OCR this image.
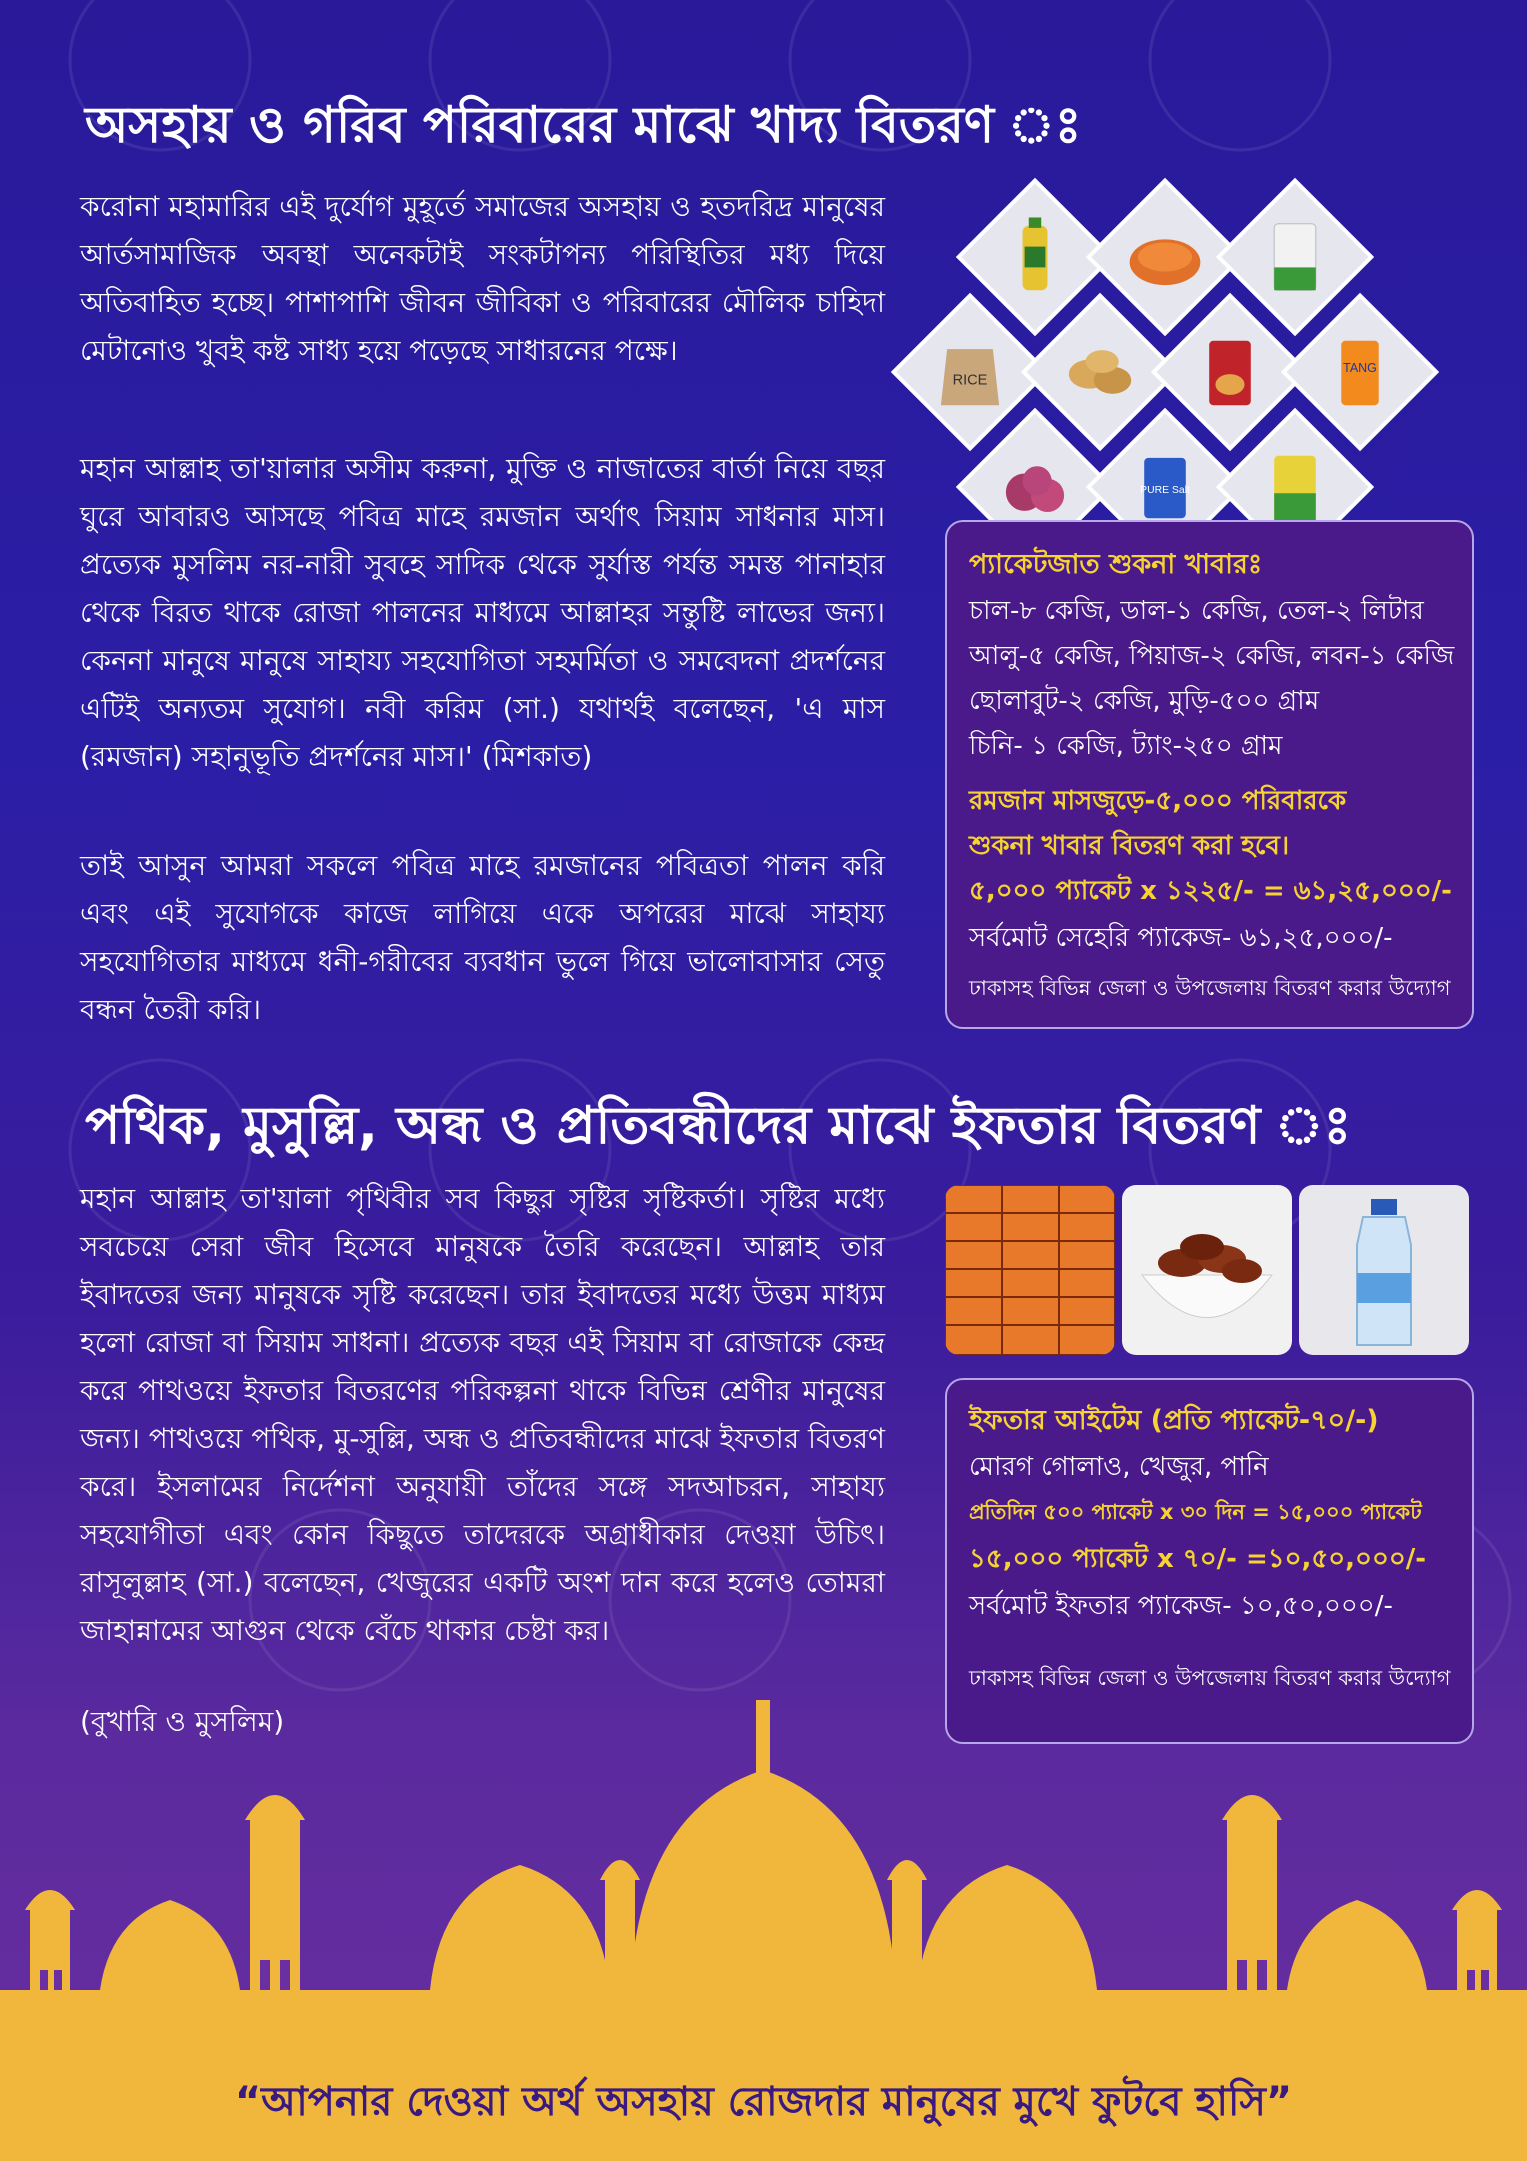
অসহায় ও গরিব পরিবারের মাঝে খাদ্য বিতরণ ঃ

করোনা মহামারির এই দুর্যোগ মুহূর্তে সমাজের অসহায় ও হতদরিদ্র মানুষের আর্তসামাজিক অবস্থা অনেকটাই সংকটাপন্য পরিস্থিতির মধ্য দিয়ে অতিবাহিত হচ্ছে। পাশাপাশি জীবন জীবিকা ও পরিবারের মৌলিক চাহিদা মেটানোও খুবই কষ্ট সাধ্য হয়ে পড়েছে সাধারনের পক্ষে।

মহান আল্লাহ তা'য়ালার অসীম করুনা, মুক্তি ও নাজাতের বার্তা নিয়ে বছর ঘুরে আবারও আসছে পবিত্র মাহে রমজান অর্থাৎ সিয়াম সাধনার মাস। প্রত্যেক মুসলিম নর-নারী সুবহে সাদিক থেকে সুর্যাস্ত পর্যন্ত সমস্ত পানাহার থেকে বিরত থাকে রোজা পালনের মাধ্যমে আল্লাহর সন্তুষ্টি লাভের জন্য। কেননা মানুষে মানুষে সাহায্য সহযোগিতা সহমর্মিতা ও সমবেদনা প্রদর্শনের এটিই অন্যতম সুযোগ। নবী করিম (সা.) যথার্থই বলেছেন, 'এ মাস (রমজান) সহানুভূতি প্রদর্শনের মাস।' (মিশকাত)

তাই আসুন আমরা সকলে পবিত্র মাহে রমজানের পবিত্রতা পালন করি এবং এই সুযোগকে কাজে লাগিয়ে একে অপরের মাঝে সাহায্য সহযোগিতার মাধ্যমে ধনী-গরীবের ব্যবধান ভুলে গিয়ে ভালোবাসার সেতু বন্ধন তৈরী করি।

RICE
TANG
PURE Salt
প্যাকেটজাত শুকনা খাবারঃ
চাল-৮ কেজি, ডাল-১ কেজি, তেল-২ লিটার
আলু-৫ কেজি, পিয়াজ-২ কেজি, লবন-১ কেজি
ছোলাবুট-২ কেজি, মুড়ি-৫০০ গ্রাম
চিনি- ১ কেজি, ট্যাং-২৫০ গ্রাম
রমজান মাসজুড়ে-৫,০০০ পরিবারকে
শুকনা খাবার বিতরণ করা হবে।
৫,০০০ প্যাকেট x ১২২৫/- = ৬১,২৫,০০০/-
সর্বমোট সেহেরি প্যাকেজ- ৬১,২৫,০০০/-
ঢাকাসহ বিভিন্ন জেলা ও উপজেলায় বিতরণ করার উদ্যোগ
পথিক, মুসুল্লি, অন্ধ ও প্রতিবন্ধীদের মাঝে ইফতার বিতরণ ঃ

মহান আল্লাহ তা'য়ালা পৃথিবীর সব কিছুর সৃষ্টির সৃষ্টিকর্তা। সৃষ্টির মধ্যে সবচেয়ে সেরা জীব হিসেবে মানুষকে তৈরি করেছেন। আল্লাহ তার ইবাদতের জন্য মানুষকে সৃষ্টি করেছেন। তার ইবাদতের মধ্যে উত্তম মাধ্যম হলো রোজা বা সিয়াম সাধনা। প্রত্যেক বছর এই সিয়াম বা রোজাকে কেন্দ্র করে পাথওয়ে ইফতার বিতরণের পরিকল্পনা থাকে বিভিন্ন শ্রেণীর মানুষের জন্য। পাথওয়ে পথিক, মু-সুল্লি, অন্ধ ও প্রতিবন্ধীদের মাঝে ইফতার বিতরণ করে। ইসলামের নির্দেশনা অনুযায়ী তাঁদের সঙ্গে সদআচরন, সাহায্য সহযোগীতা এবং কোন কিছুতে তাদেরকে অগ্রাধীকার দেওয়া উচিৎ। রাসূলুল্লাহ (সা.) বলেছেন, খেজুরের একটি অংশ দান করে হলেও তোমরা জাহান্নামের আগুন থেকে বেঁচে থাকার চেষ্টা কর।

(বুখারি ও মুসলিম)
ইফতার আইটেম (প্রতি প্যাকেট-৭০/-)
মোরগ গোলাও, খেজুর, পানি
প্রতিদিন ৫০০ প্যাকেট x ৩০ দিন = ১৫,০০০ প্যাকেট
১৫,০০০ প্যাকেট x ৭০/- =১০,৫০,০০০/-
সর্বমোট ইফতার প্যাকেজ- ১০,৫০,০০০/-
ঢাকাসহ বিভিন্ন জেলা ও উপজেলায় বিতরণ করার উদ্যোগ
“আপনার দেওয়া অর্থ অসহায় রোজদার মানুষের মুখে ফুটবে হাসি”
